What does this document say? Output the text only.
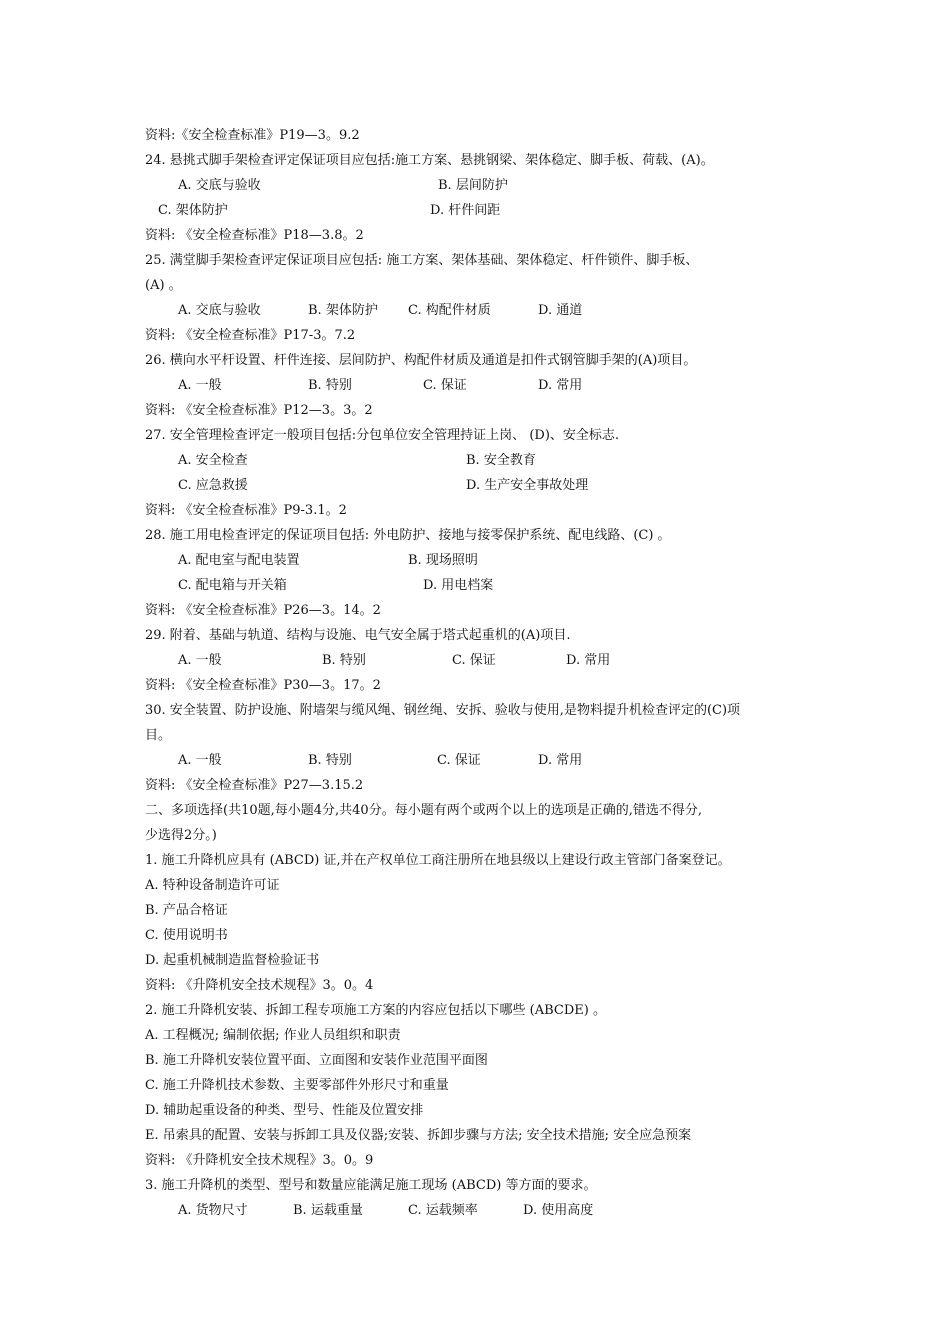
资料:《安全检查标准》P19—3。9.2
24. 悬挑式脚手架检查评定保证项目应包括:施工方案、悬挑钢梁、架体稳定、脚手板、荷载、(A)。
A. 交底与验收	B. 层间防护
C. 架体防护	D. 杆件间距
资料: 《安全检查标准》P18—3.8。2
25. 满堂脚手架检查评定保证项目应包括: 施工方案、架体基础、架体稳定、杆件锁件、脚手板、
(A) 。
A. 交底与验收	B. 架体防护 C. 构配件材质	D. 通道
资料: 《安全检查标准》P17-3。7.2
26. 横向水平杆设置、杆件连接、层间防护、构配件材质及通道是扣件式钢管脚手架的(A)项目。
A. 一般	B. 特别	C. 保证	D. 常用
资料: 《安全检查标准》P12—3。3。2
27. 安全管理检查评定一般项目包括:分包单位安全管理持证上岗、 (D)、安全标志.
A. 安全检查	B. 安全教育
C. 应急救援	D. 生产安全事故处理
资料: 《安全检查标准》P9-3.1。2
28. 施工用电检查评定的保证项目包括: 外电防护、接地与接零保护系统、配电线路、(C) 。
A. 配电室与配电装置	B. 现场照明
C. 配电箱与开关箱	D. 用电档案
资料: 《安全检查标准》P26—3。14。2
29. 附着、基础与轨道、结构与设施、电气安全属于塔式起重机的(A)项目.
A. 一般	B. 特别	C. 保证	D. 常用
资料: 《安全检查标准》P30—3。17。2
30. 安全装置、防护设施、附墙架与缆风绳、钢丝绳、安拆、验收与使用,是物料提升机检查评定的(C)项
目。
A. 一般	B. 特别	C. 保证	D. 常用
资料: 《安全检查标准》P27—3.15.2
二、多项选择(共10题,每小题4分,共40分。每小题有两个或两个以上的选项是正确的,错选不得分,
少选得2分。)
1. 施工升降机应具有 (ABCD) 证,并在产权单位工商注册所在地县级以上建设行政主管部门备案登记。
A. 特种设备制造许可证
B. 产品合格证
C. 使用说明书
D. 起重机械制造监督检验证书
资料: 《升降机安全技术规程》3。0。4
2. 施工升降机安装、拆卸工程专项施工方案的内容应包括以下哪些 (ABCDE) 。
A. 工程概况; 编制依据; 作业人员组织和职责
B. 施工升降机安装位置平面、立面图和安装作业范围平面图
C. 施工升降机技术参数、主要零部件外形尺寸和重量
D. 辅助起重设备的种类、型号、性能及位置安排
E. 吊索具的配置、安装与拆卸工具及仪器;安装、拆卸步骤与方法; 安全技术措施; 安全应急预案
资料: 《升降机安全技术规程》3。0。9
3. 施工升降机的类型、型号和数量应能满足施工现场 (ABCD) 等方面的要求。
A. 货物尺寸	B. 运载重量	C. 运载频率	D. 使用高度
